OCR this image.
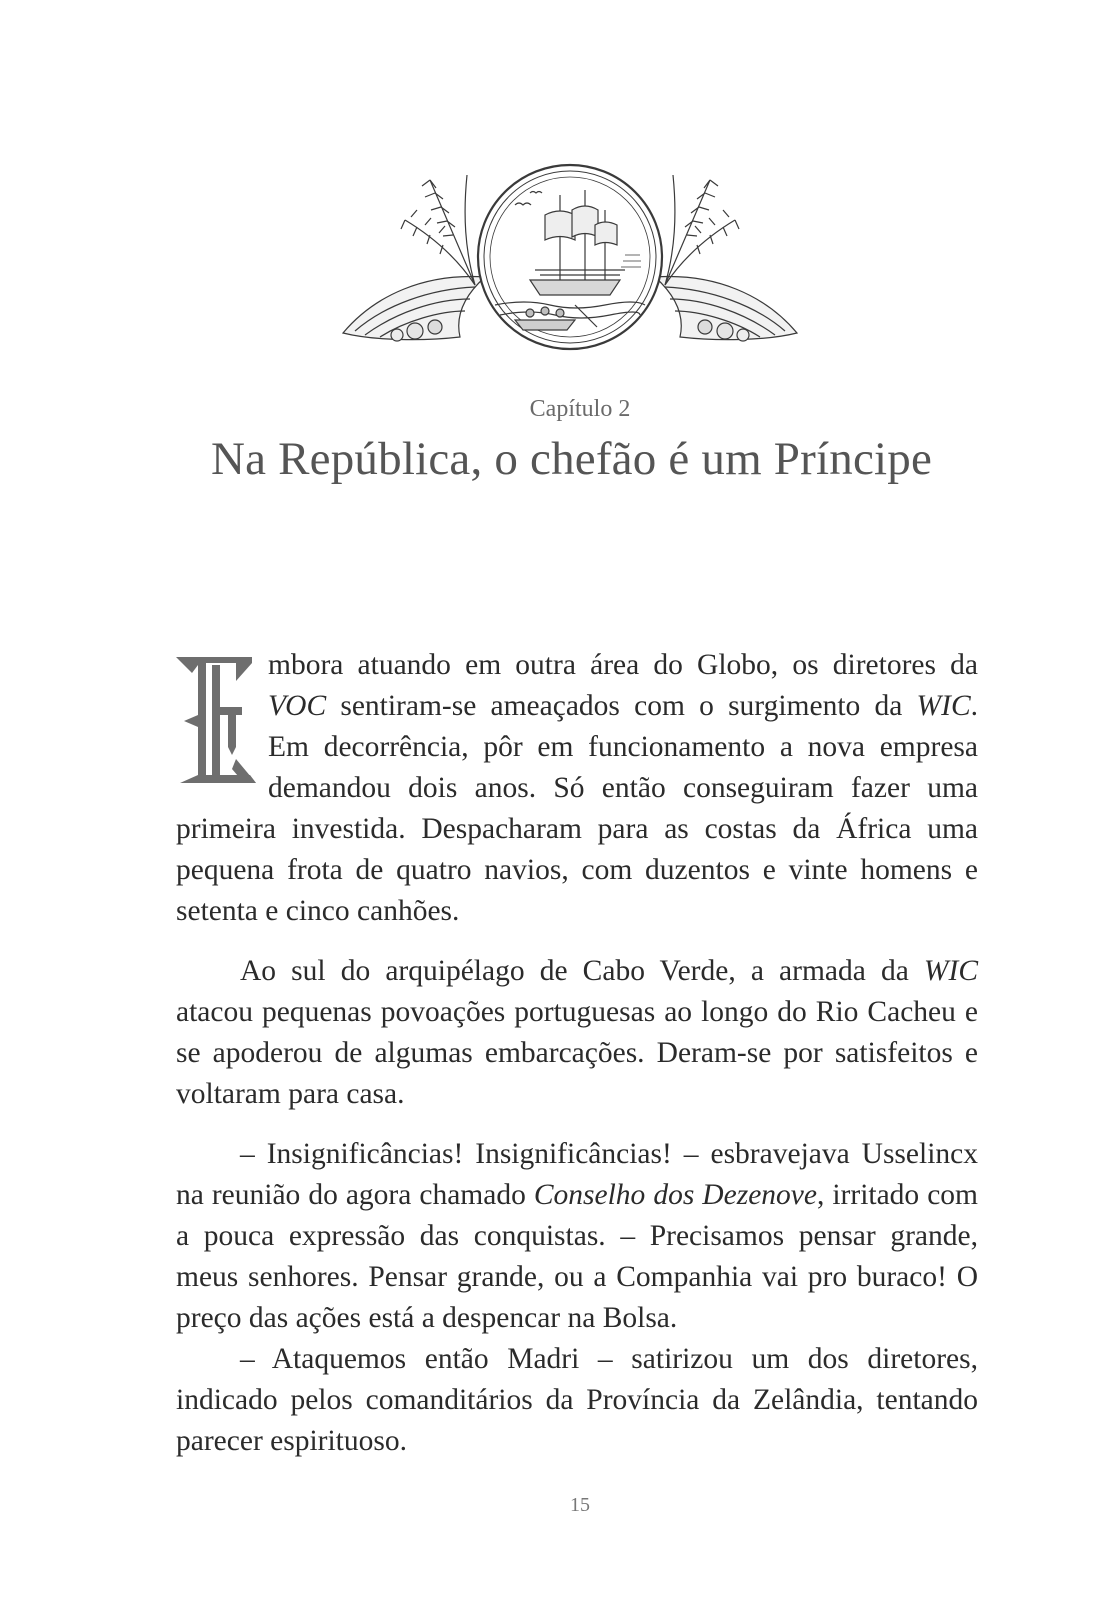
Capítulo 2
Na República, o chefão é um Príncipe

mbora atuando em outra área do Globo, os diretores da VOC sentiram-se ameaçados com o surgimento da WIC. Em decorrência, pôr em funcionamento a nova empresa demandou dois anos. Só então conseguiram fazer uma primeira investida. Despacharam para as costas da África uma pequena frota de quatro navios, com duzentos e vinte homens e setenta e cinco canhões.

Ao sul do arquipélago de Cabo Verde, a armada da WIC atacou pequenas povoações portuguesas ao longo do Rio Cacheu e se apoderou de algumas embarcações. Deram-se por satisfeitos e voltaram para casa.

– Insignificâncias! Insignificâncias! – esbravejava Usselincx na reunião do agora chamado Conselho dos Dezenove, irritado com a pouca expressão das conquistas. – Precisamos pensar grande, meus senhores. Pensar grande, ou a Companhia vai pro buraco! O preço das ações está a despencar na Bolsa.

– Ataquemos então Madri – satirizou um dos diretores, indicado pelos comanditários da Província da Zelândia, tentando parecer espirituoso.

15
